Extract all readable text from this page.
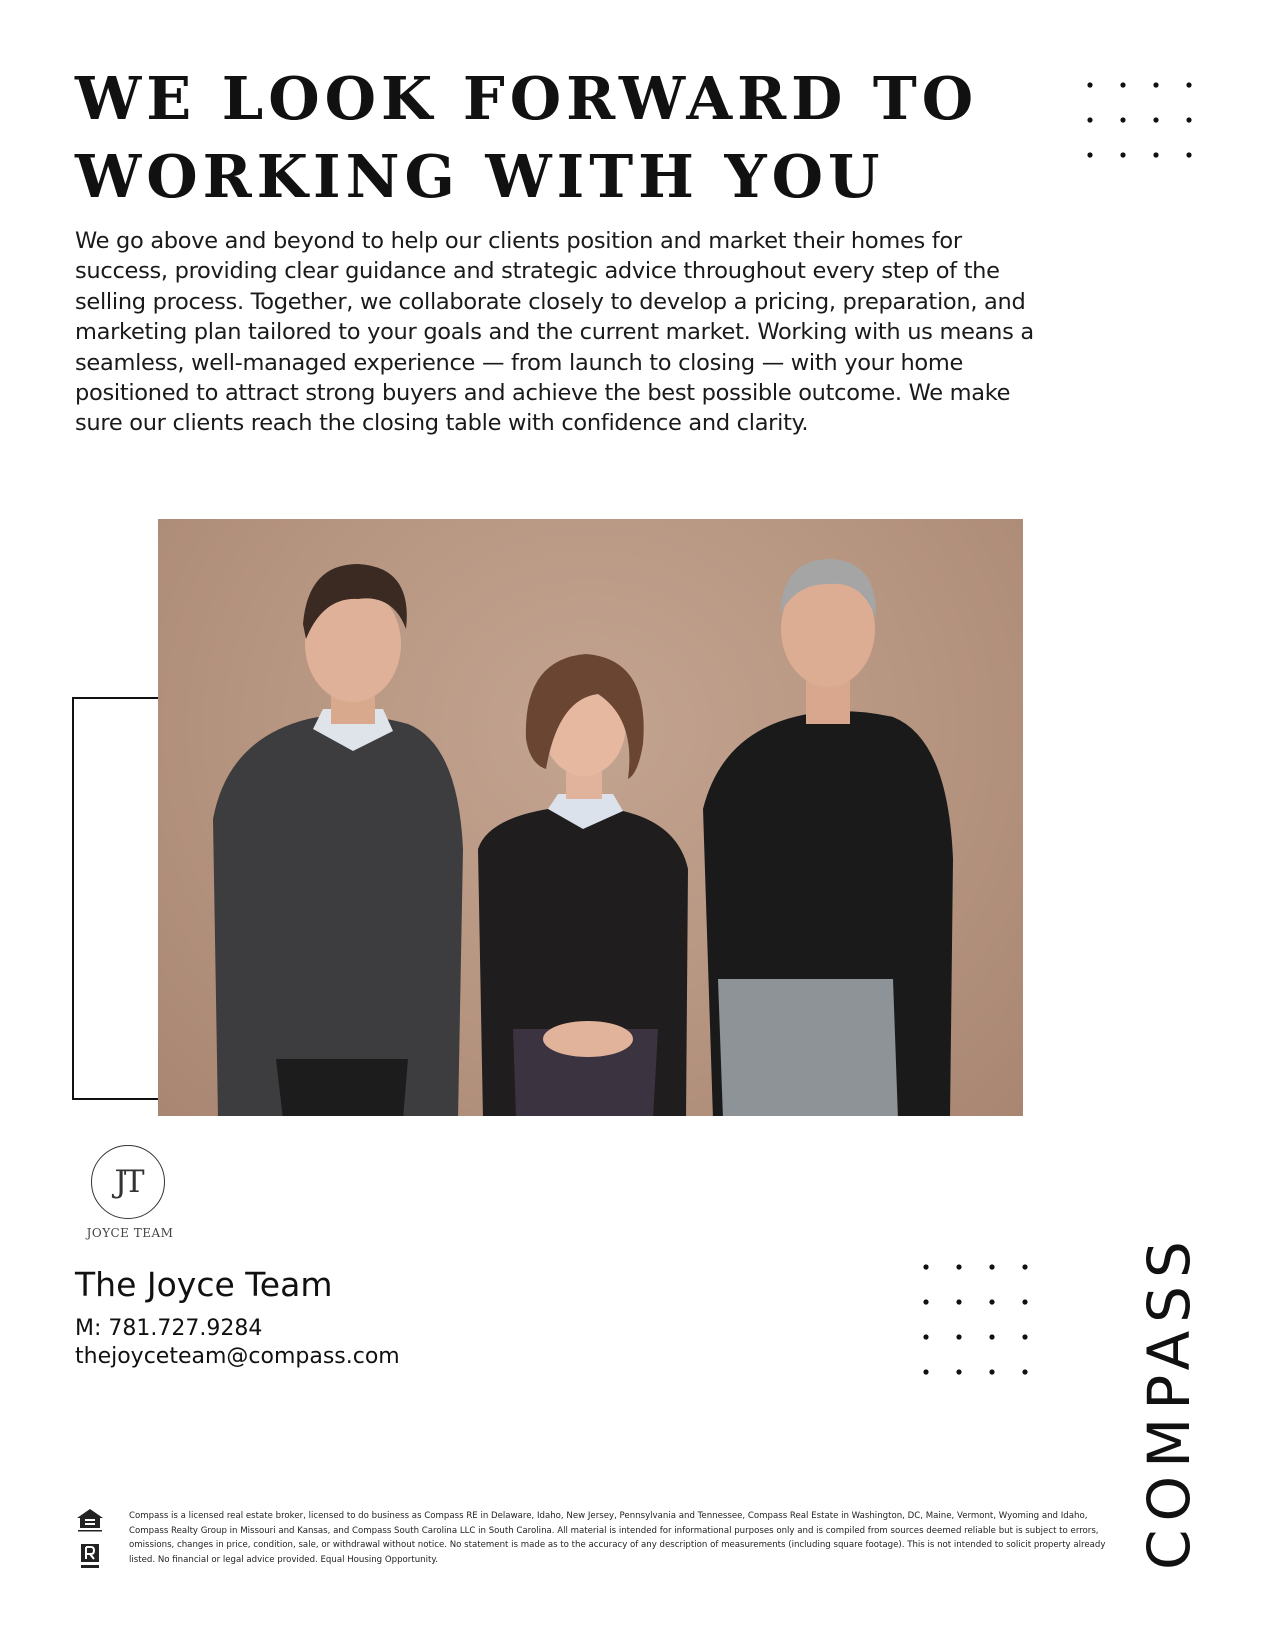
WE LOOK FORWARD TO
WORKING WITH YOU

We go above and beyond to help our clients position and market their homes for success, providing clear guidance and strategic advice throughout every step of the selling process. Together, we collaborate closely to develop a pricing, preparation, and marketing plan tailored to your goals and the current market. Working with us means a seamless, well-managed experience — from launch to closing — with your home positioned to attract strong buyers and achieve the best possible outcome. We make sure our clients reach the closing table with confidence and clarity.

JT
JOYCE TEAM
The Joyce Team
M: 781.727.9284
thejoyceteam@compass.com	COMPASS

Compass is a licensed real estate broker, licensed to do business as Compass RE in Delaware, Idaho, New Jersey, Pennsylvania and Tennessee, Compass Real Estate in Washington, DC, Maine, Vermont, Wyoming and Idaho, Compass Realty Group in Missouri and Kansas, and Compass South Carolina LLC in South Carolina. All material is intended for informational purposes only and is compiled from sources deemed reliable but is subject to errors, omissions, changes in price, condition, sale, or withdrawal without notice. No statement is made as to the accuracy of any description of measurements (including square footage). This is not intended to solicit property already listed. No financial or legal advice provided. Equal Housing Opportunity.
